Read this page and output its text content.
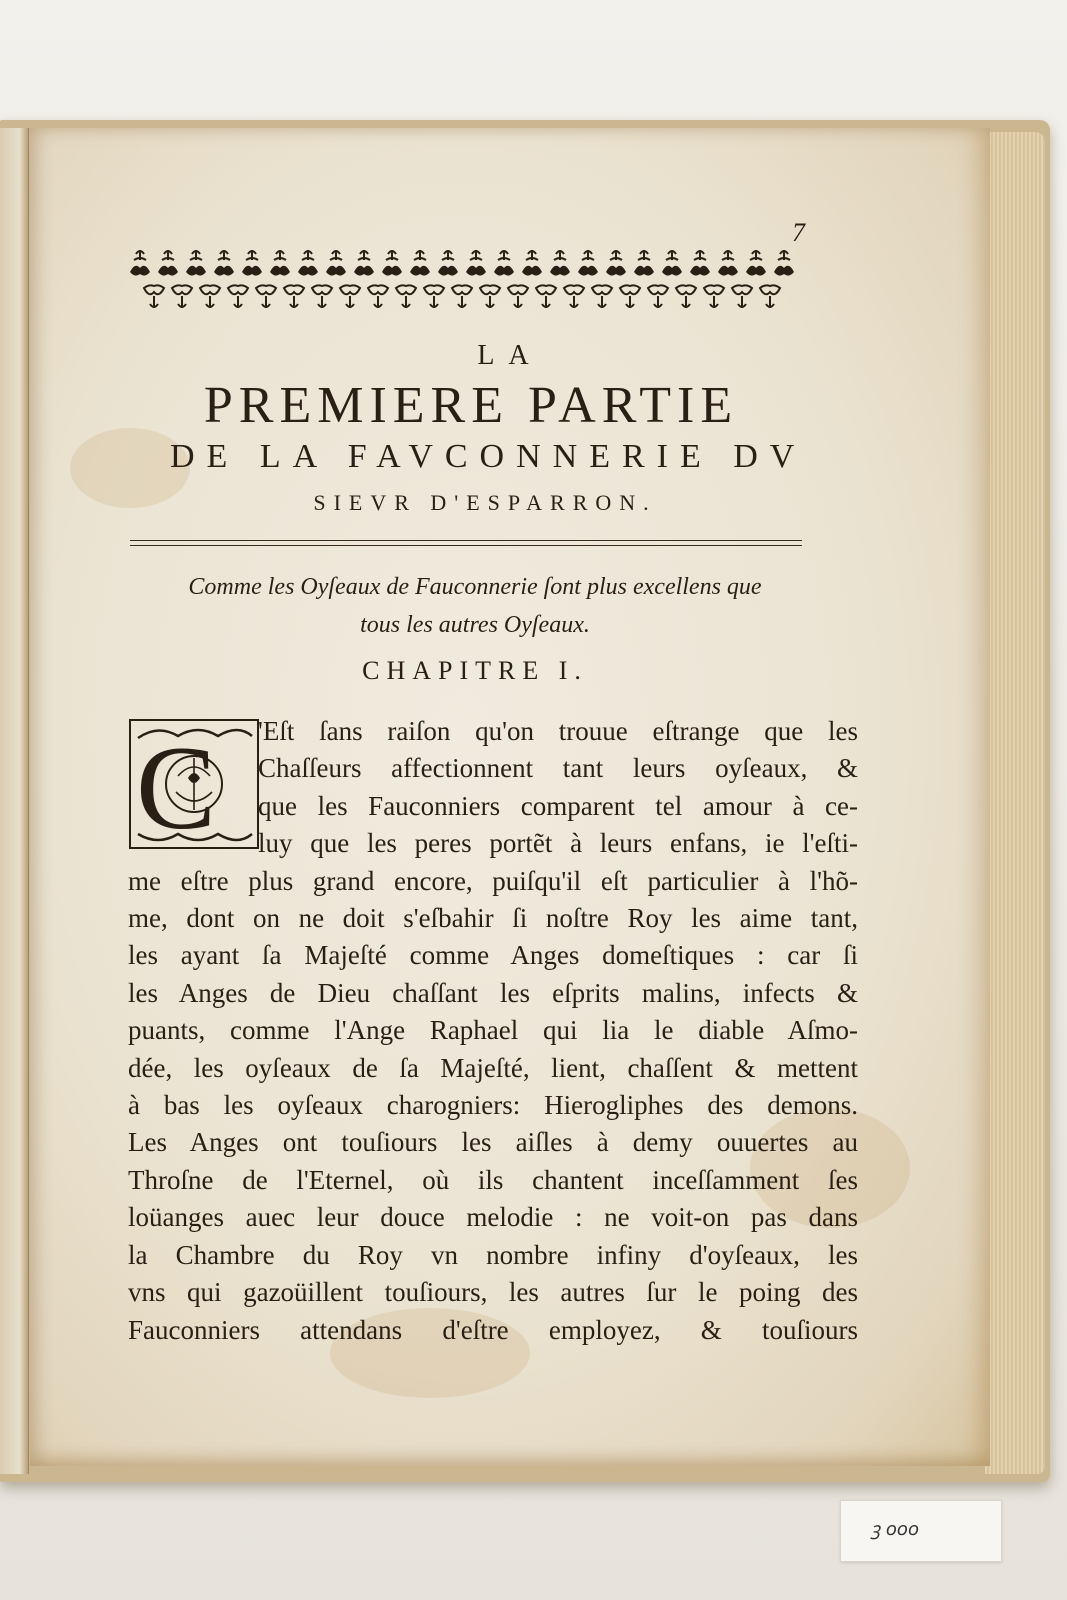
7
LA
PREMIERE PARTIE
DE LA FAVCONNERIE DV
SIEVR D'ESPARRON.
Comme les Oyſeaux de Fauconnerie ſont plus excellens que
tous les autres Oyſeaux.
CHAPITRE I.
C	'Eſt ſans raiſon qu'on trouue eſtrange que les
Chaſſeurs affectionnent tant leurs oyſeaux, &
que les Fauconniers comparent tel amour à ce-
luy que les peres portẽt à leurs enfans, ie l'eſti-
me eſtre plus grand encore, puiſqu'il eſt particulier à l'hõ-
me, dont on ne doit s'eſbahir ſi noſtre Roy les aime tant,
les ayant ſa Majeſté comme Anges domeſtiques : car ſi
les Anges de Dieu chaſſant les eſprits malins, infects &
puants, comme l'Ange Raphael qui lia le diable Aſmo-
dée, les oyſeaux de ſa Majeſté, lient, chaſſent & mettent
à bas les oyſeaux charogniers: Hierogliphes des demons.
Les Anges ont touſiours les aiſles à demy ouuertes au
Throſne de l'Eternel, où ils chantent inceſſamment ſes
loüanges auec leur douce melodie : ne voit-on pas dans
la Chambre du Roy vn nombre infiny d'oyſeaux, les
vns qui gazoüillent touſiours, les autres ſur le poing des
Fauconniers attendans d'eſtre employez, & touſiours
ꝫ ooo
